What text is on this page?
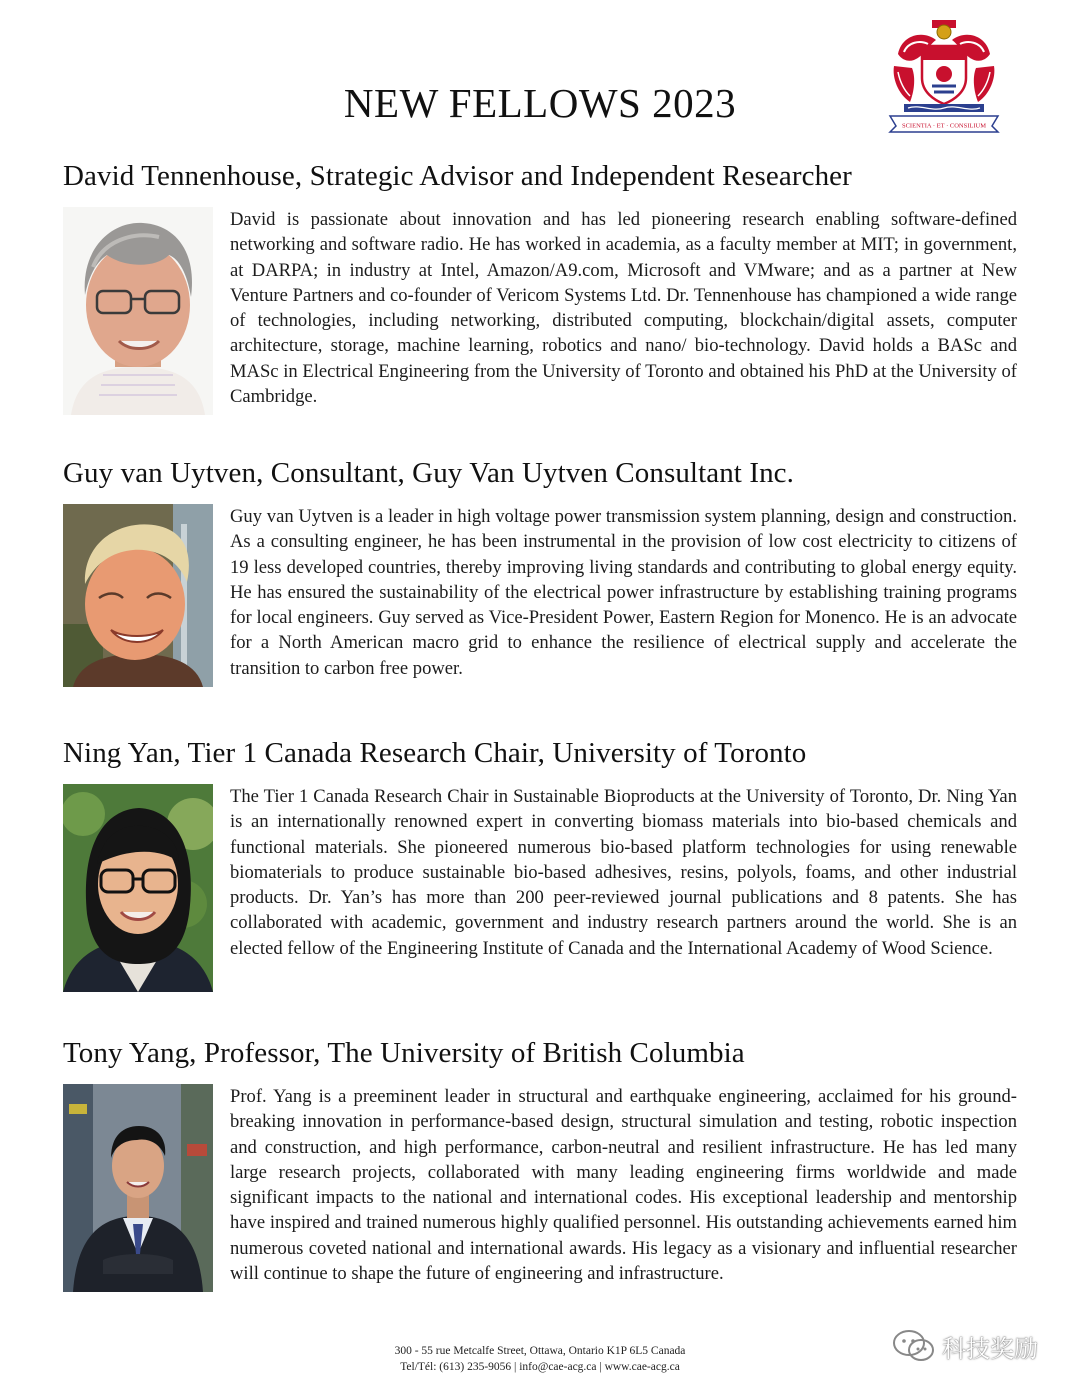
NEW FELLOWS 2023	SCIENTIA · ET · CONSILIUM
David Tennenhouse, Strategic Advisor and Independent Researcher

David is passionate about innovation and has led pioneering research enabling software-defined networking and software radio. He has worked in academia, as a faculty member at MIT; in government, at DARPA; in industry at Intel, Amazon/A9.com, Microsoft and VMware; and as a partner at New Venture Partners and co-founder of Vericom Systems Ltd. Dr. Tennenhouse has championed a wide range of technologies, including networking, distributed computing, blockchain/digital assets, computer architecture, storage, machine learning, robotics and nano/ bio-technology. David holds a BASc and MASc in Electrical Engineering from the University of Toronto and obtained his PhD at the University of Cambridge.

Guy van Uytven, Consultant, Guy Van Uytven Consultant Inc.

Guy van Uytven is a leader in high voltage power transmission system planning, design and construction. As a consulting engineer, he has been instrumental in the provision of low cost electricity to citizens of 19 less developed countries, thereby improving living standards and contributing to global energy equity. He has ensured the sustainability of the electrical power infrastructure by establishing training programs for local engineers. Guy served as Vice-President Power, Eastern Region for Monenco. He is an advocate for a North American macro grid to enhance the resilience of electrical supply and accelerate the transition to carbon free power.

Ning Yan, Tier 1 Canada Research Chair, University of Toronto

The Tier 1 Canada Research Chair in Sustainable Bioproducts at the University of Toronto, Dr. Ning Yan is an internationally renowned expert in converting biomass materials into bio-based chemicals and functional materials. She pioneered numerous bio-based platform technologies for using renewable biomaterials to produce sustainable bio-based adhesives, resins, polyols, foams, and other industrial products. Dr. Yan’s has more than 200 peer-reviewed journal publications and 8 patents. She has collaborated with academic, government and industry research partners around the world. She is an elected fellow of the Engineering Institute of Canada and the International Academy of Wood Science.

Tony Yang, Professor, The University of British Columbia

Prof. Yang is a preeminent leader in structural and earthquake engineering, acclaimed for his ground-breaking innovation in performance-based design, structural simulation and testing, robotic inspection and construction, and high performance, carbon-neutral and resilient infrastructure. He has led many large research projects, collaborated with many leading engineering firms worldwide and made significant impacts to the national and international codes. His exceptional leadership and mentorship have inspired and trained numerous highly qualified personnel. His outstanding achievements earned him numerous coveted national and international awards. His legacy as a visionary and influential researcher will continue to shape the future of engineering and infrastructure.

300 - 55 rue Metcalfe Street, Ottawa, Ontario K1P 6L5 Canada
Tel/Tél: (613) 235-9056 | info@cae-acg.ca | www.cae-acg.ca
科技奖励
